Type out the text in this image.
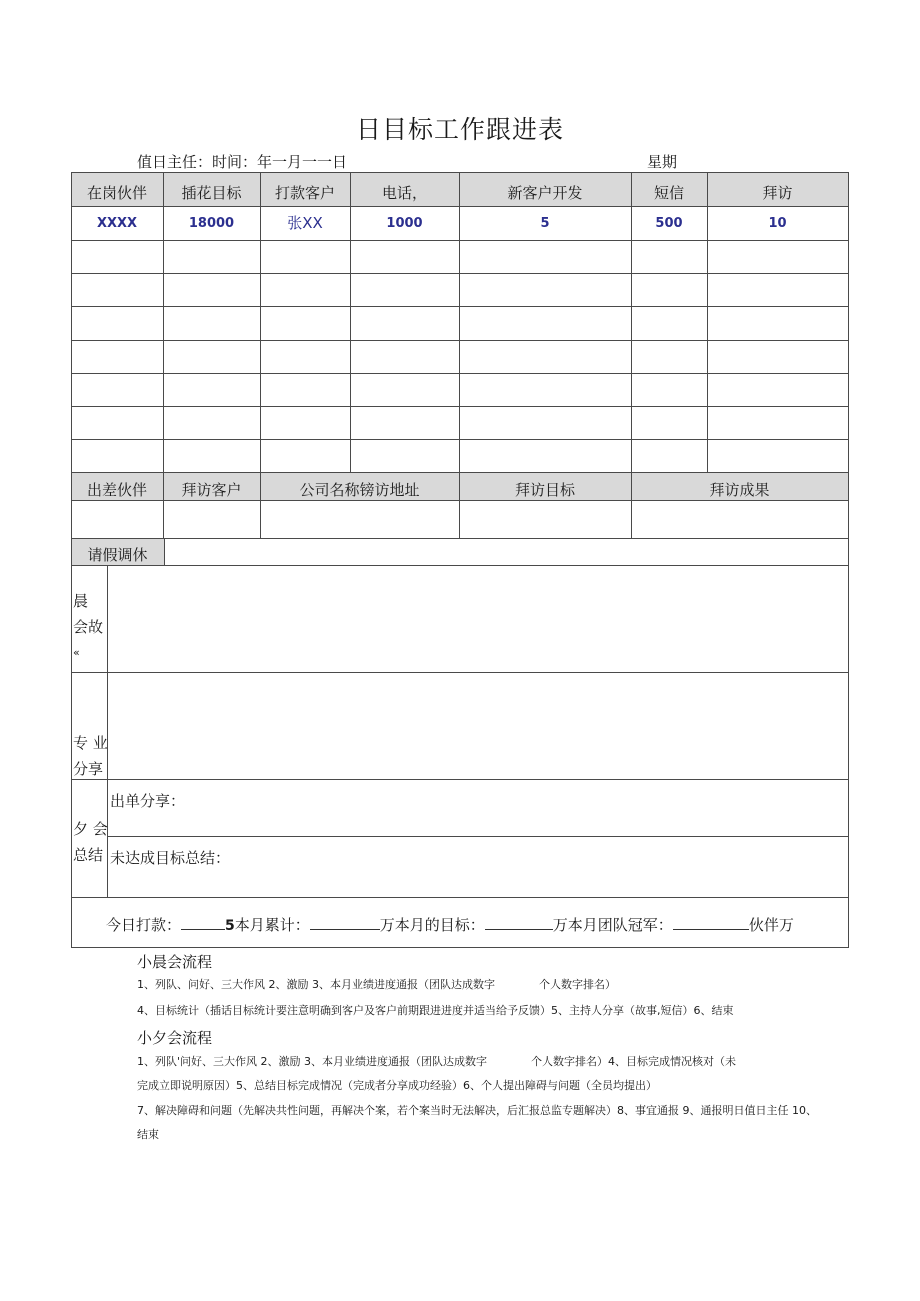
日目标工作跟进表
值日主任：时间：年一月一一日	星期
在岗伙伴	插花目标	打款客户	电话，	新客户开发	短信	拜访
XXXX	18000	张XX	1000	5	500	10
出差伙伴	拜访客户	公司名称镑访地址	拜访目标	拜访成果
请假调休
晨
会故
«
专 业
分享
夕 会
总结
出单分享：
未达成目标总结：
今日打款：	5本月累计：	万本月的目标：	万本月团队冠军：	伙伴万
小晨会流程
1、列队、问好、三大作风 2、激励 3、本月业绩进度通报（团队达成数字	个人数字排名）
4、目标统计（插话目标统计要注意明确到客户及客户前期跟进进度并适当给予反馈）5、主持人分享（故事,短信）6、结束
小夕会流程
1、列队'问好、三大作风 2、激励 3、本月业绩进度通报（团队达成数字	个人数字排名）4、目标完成情况核对（未
完成立即说明原因）5、总结目标完成情况（完成者分享成功经验）6、个人提出障碍与问题（全员均提出）
7、解决障碍和问题（先解决共性问题，再解决个案，若个案当时无法解决，后汇报总监专题解决）8、事宜通报 9、通报明日值日主任 10、
结束
